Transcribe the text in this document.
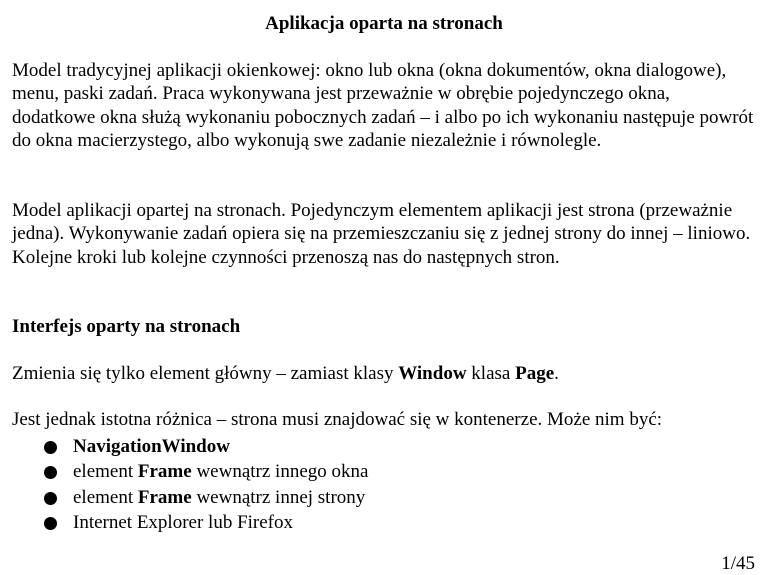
Aplikacja oparta na stronach

Model tradycyjnej aplikacji okienkowej: okno lub okna (okna dokumentów, okna dialogowe), menu, paski zadań. Praca wykonywana jest przeważnie w obrębie pojedynczego okna, dodatkowe okna służą wykonaniu pobocznych zadań – i albo po ich wykonaniu następuje powrót do okna macierzystego, albo wykonują swe zadanie niezależnie i równolegle.

Model aplikacji opartej na stronach. Pojedynczym elementem aplikacji jest strona (przeważnie jedna). Wykonywanie zadań opiera się na przemieszczaniu się z jednej strony do innej – liniowo. Kolejne kroki lub kolejne czynności przenoszą nas do następnych stron.

Interfejs oparty na stronach

Zmienia się tylko element główny – zamiast klasy Window klasa Page.

Jest jednak istotna różnica – strona musi znajdować się w kontenerze. Może nim być:

NavigationWindow
element Frame wewnątrz innego okna
element Frame wewnątrz innej strony
Internet Explorer lub Firefox
1/45
